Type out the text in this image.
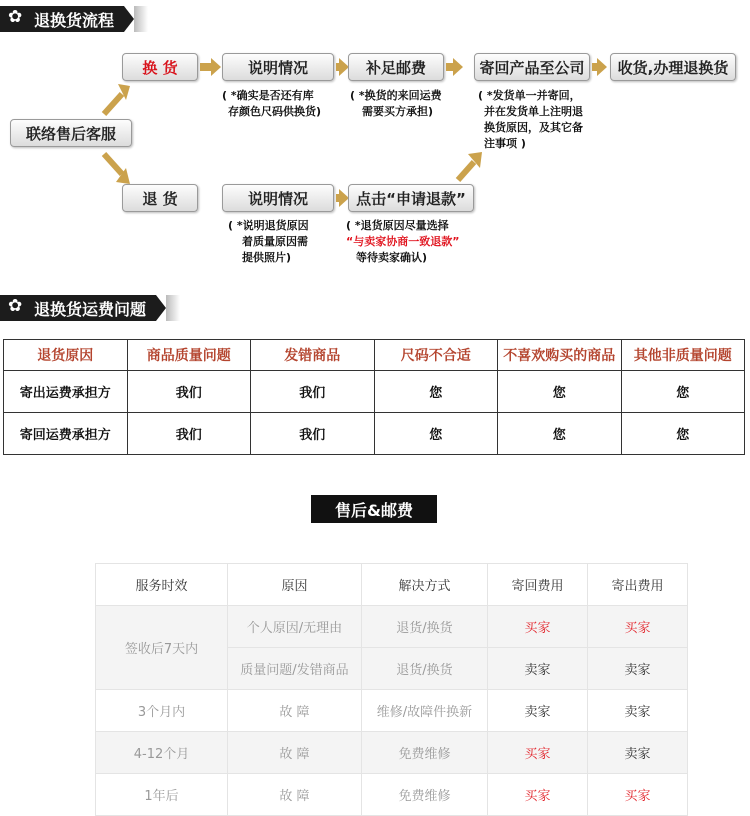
✿
退换货流程
联络售后客服
换 货	说明情况	补足邮费	寄回产品至公司	收货,办理退换货
( *确实是否还有库
存颜色尺码供换货)
( *换货的来回运费
需要买方承担)
( *发货单一并寄回，
并在发货单上注明退
换货原因，及其它备
注事项 )
退 货	说明情况	点击“申请退款”
( *说明退货原因
着质量原因需
提供照片)
( *退货原因尽量选择
“与卖家协商一致退款”
等待卖家确认)
✿
退换货运费问题
退货原因	商品质量问题	发错商品	尺码不合适	不喜欢购买的商品	其他非质量问题
寄出运费承担方	我们	我们	您	您	您
寄回运费承担方	我们	我们	您	您	您
售后&邮费
服务时效	原因	解决方式	寄回费用	寄出费用
签收后7天内	个人原因/无理由	退货/换货	买家	买家
	质量问题/发错商品	退货/换货	卖家	卖家
3个月内	故 障	维修/故障件换新	卖家	卖家
4-12个月	故 障	免费维修	买家	卖家
1年后	故 障	免费维修	买家	买家
